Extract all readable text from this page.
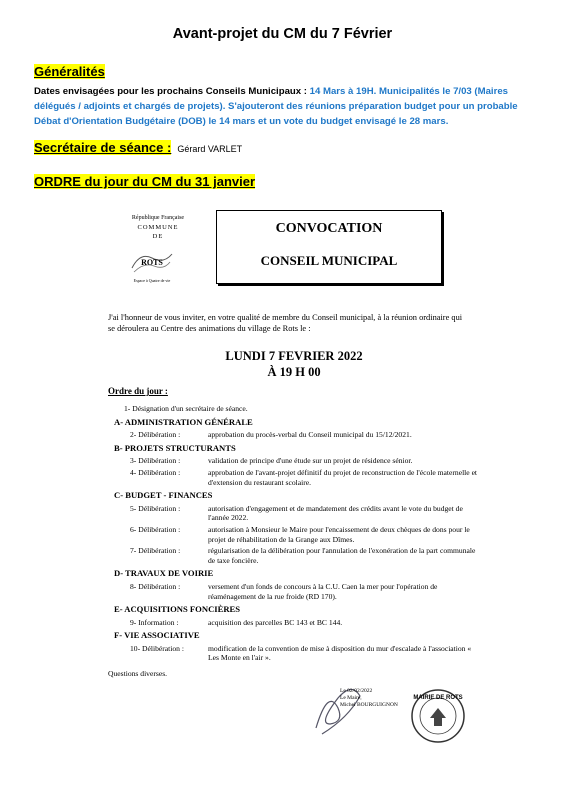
Avant-projet du CM du 7 Février
Généralités
Dates envisagées pour les prochains Conseils Municipaux : 14 Mars à 19H. Municipalités le 7/03 (Maires délégués / adjoints et chargés de projets). S'ajouteront des réunions préparation budget pour un probable Débat d'Orientation Budgétaire (DOB) le 14 mars et un vote du budget envisagé le 28 mars.
Secrétaire de séance : Gérard VARLET
ORDRE du jour du CM du 31 janvier
République Française
COMMUNE
DE
ROTS
Espace à Quatre de vie
CONVOCATION
CONSEIL MUNICIPAL
J'ai l'honneur de vous inviter, en votre qualité de membre du Conseil municipal, à la réunion ordinaire qui se déroulera au Centre des animations du village de Rots le :
LUNDI 7 FEVRIER 2022
À 19 H 00
Ordre du jour :
1- Désignation d'un secrétaire de séance.
A- ADMINISTRATION GÉNÉRALE
2- Délibération :	approbation du procès-verbal du Conseil municipal du 15/12/2021.
B- PROJETS STRUCTURANTS
3- Délibération :	validation de principe d'une étude sur un projet de résidence sénior.
4- Délibération :	approbation de l'avant-projet définitif du projet de reconstruction de l'école maternelle et d'extension du restaurant scolaire.
C- BUDGET - FINANCES
5- Délibération :	autorisation d'engagement et de mandatement des crédits avant le vote du budget de l'année 2022.
6- Délibération :	autorisation à Monsieur le Maire pour l'encaissement de deux chèques de dons pour le projet de réhabilitation de la Grange aux Dîmes.
7- Délibération :	régularisation de la délibération pour l'annulation de l'exonération de la part communale de taxe foncière.
D- TRAVAUX DE VOIRIE
8- Délibération :	versement d'un fonds de concours à la C.U. Caen la mer pour l'opération de réaménagement de la rue froide (RD 170).
E- ACQUISITIONS FONCIÈRES
9- Information :	acquisition des parcelles BC 143 et BC 144.
F- VIE ASSOCIATIVE
10- Délibération :	modification de la convention de mise à disposition du mur d'escalade à l'association « Les Monte en l'air ».
Questions diverses.
Le 02/02/2022
Le Maire,
Michel BOURGUIGNON
MAIRIE DE ROTS
